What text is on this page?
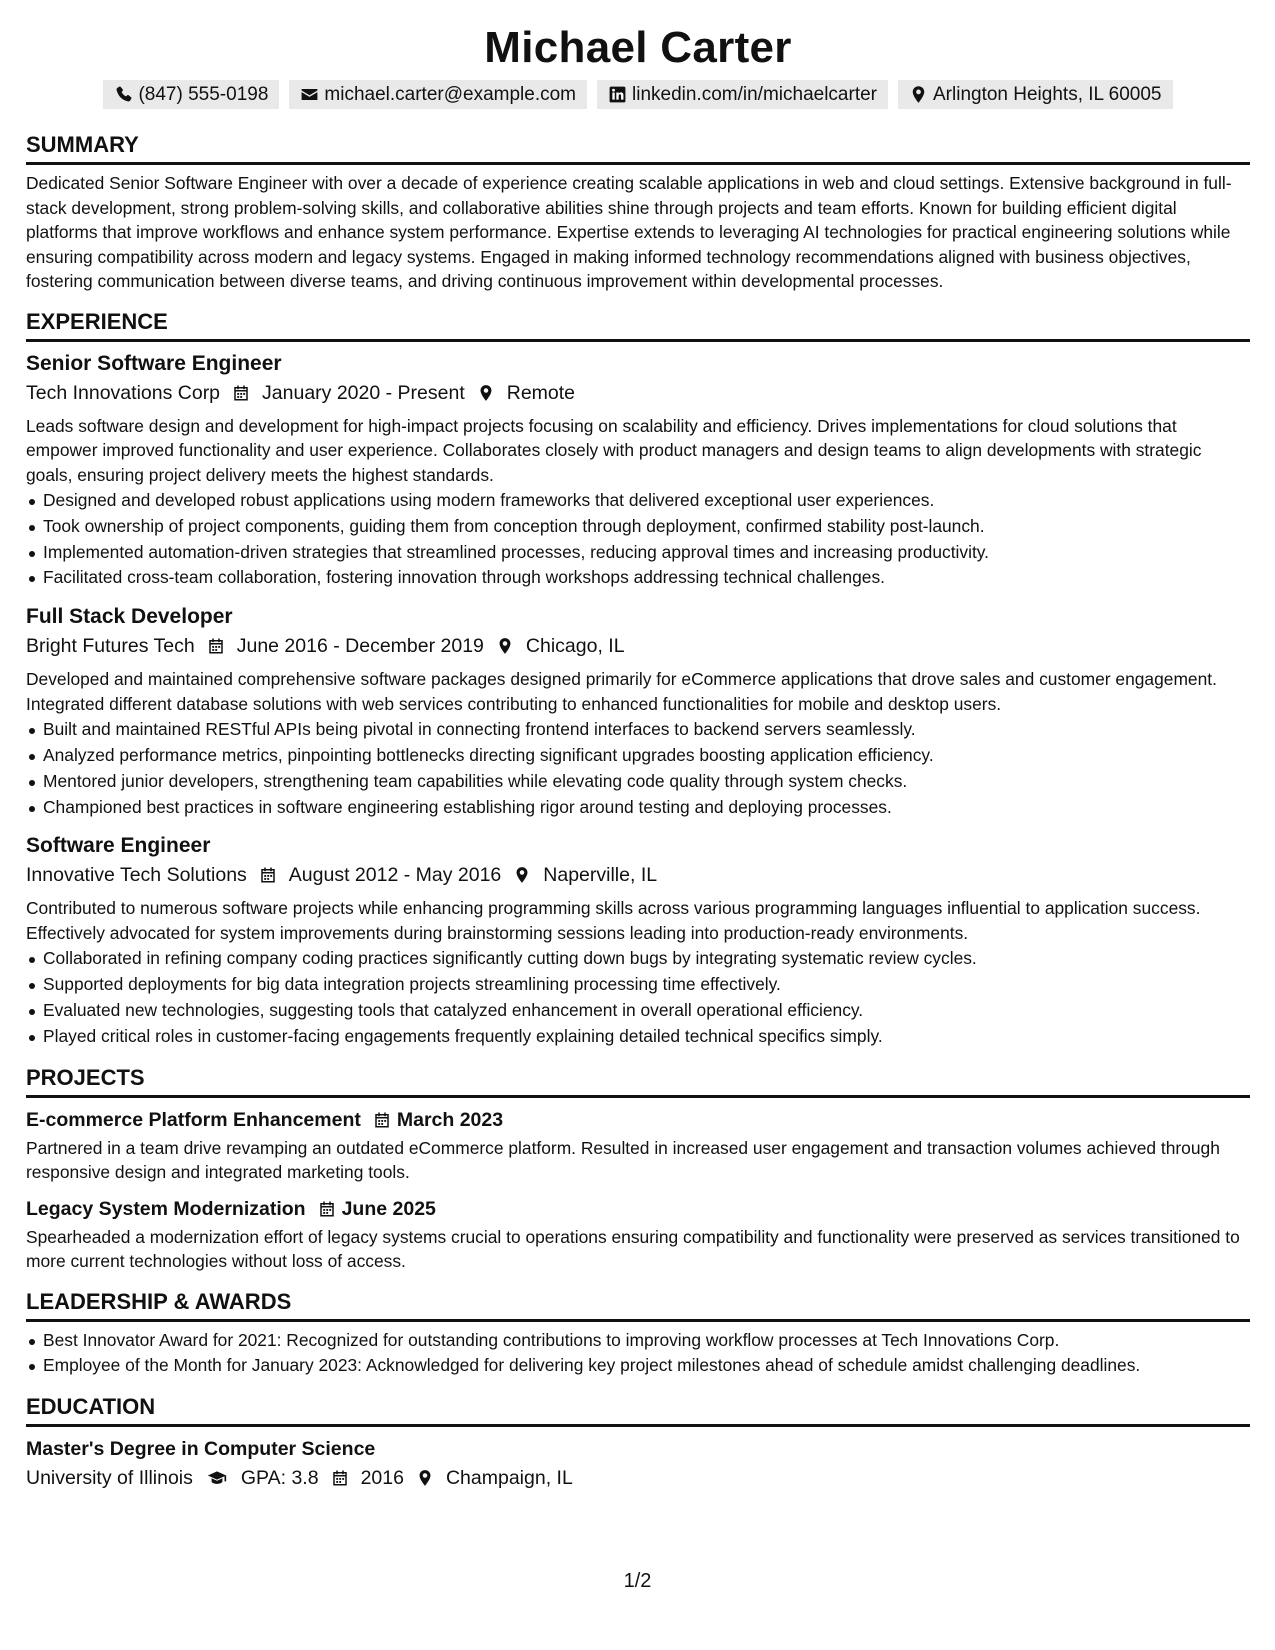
Michael Carter
(847) 555-0198	michael.carter@example.com	linkedin.com/in/michaelcarter	Arlington Heights, IL 60005
SUMMARY

Dedicated Senior Software Engineer with over a decade of experience creating scalable applications in web and cloud settings. Extensive background in full-stack development, strong problem-solving skills, and collaborative abilities shine through projects and team efforts. Known for building efficient digital platforms that improve workflows and enhance system performance. Expertise extends to leveraging AI technologies for practical engineering solutions while ensuring compatibility across modern and legacy systems. Engaged in making informed technology recommendations aligned with business objectives, fostering communication between diverse teams, and driving continuous improvement within developmental processes.

EXPERIENCE
Senior Software Engineer
Tech Innovations Corp January 2020 - Present Remote

Leads software design and development for high-impact projects focusing on scalability and efficiency. Drives implementations for cloud solutions that empower improved functionality and user experience. Collaborates closely with product managers and design teams to align developments with strategic goals, ensuring project delivery meets the highest standards.

Designed and developed robust applications using modern frameworks that delivered exceptional user experiences.
Took ownership of project components, guiding them from conception through deployment, confirmed stability post-launch.
Implemented automation-driven strategies that streamlined processes, reducing approval times and increasing productivity.
Facilitated cross-team collaboration, fostering innovation through workshops addressing technical challenges.
Full Stack Developer
Bright Futures Tech June 2016 - December 2019 Chicago, IL

Developed and maintained comprehensive software packages designed primarily for eCommerce applications that drove sales and customer engagement. Integrated different database solutions with web services contributing to enhanced functionalities for mobile and desktop users.

Built and maintained RESTful APIs being pivotal in connecting frontend interfaces to backend servers seamlessly.
Analyzed performance metrics, pinpointing bottlenecks directing significant upgrades boosting application efficiency.
Mentored junior developers, strengthening team capabilities while elevating code quality through system checks.
Championed best practices in software engineering establishing rigor around testing and deploying processes.
Software Engineer
Innovative Tech Solutions August 2012 - May 2016 Naperville, IL

Contributed to numerous software projects while enhancing programming skills across various programming languages influential to application success. Effectively advocated for system improvements during brainstorming sessions leading into production-ready environments.

Collaborated in refining company coding practices significantly cutting down bugs by integrating systematic review cycles.
Supported deployments for big data integration projects streamlining processing time effectively.
Evaluated new technologies, suggesting tools that catalyzed enhancement in overall operational efficiency.
Played critical roles in customer-facing engagements frequently explaining detailed technical specifics simply.
PROJECTS
E-commerce Platform Enhancement March 2023

Partnered in a team drive revamping an outdated eCommerce platform. Resulted in increased user engagement and transaction volumes achieved through responsive design and integrated marketing tools.

Legacy System Modernization June 2025

Spearheaded a modernization effort of legacy systems crucial to operations ensuring compatibility and functionality were preserved as services transitioned to more current technologies without loss of access.

LEADERSHIP & AWARDS
Best Innovator Award for 2021: Recognized for outstanding contributions to improving workflow processes at Tech Innovations Corp.
Employee of the Month for January 2023: Acknowledged for delivering key project milestones ahead of schedule amidst challenging deadlines.
EDUCATION
Master's Degree in Computer Science
University of Illinois GPA: 3.8 2016 Champaign, IL
1/2
